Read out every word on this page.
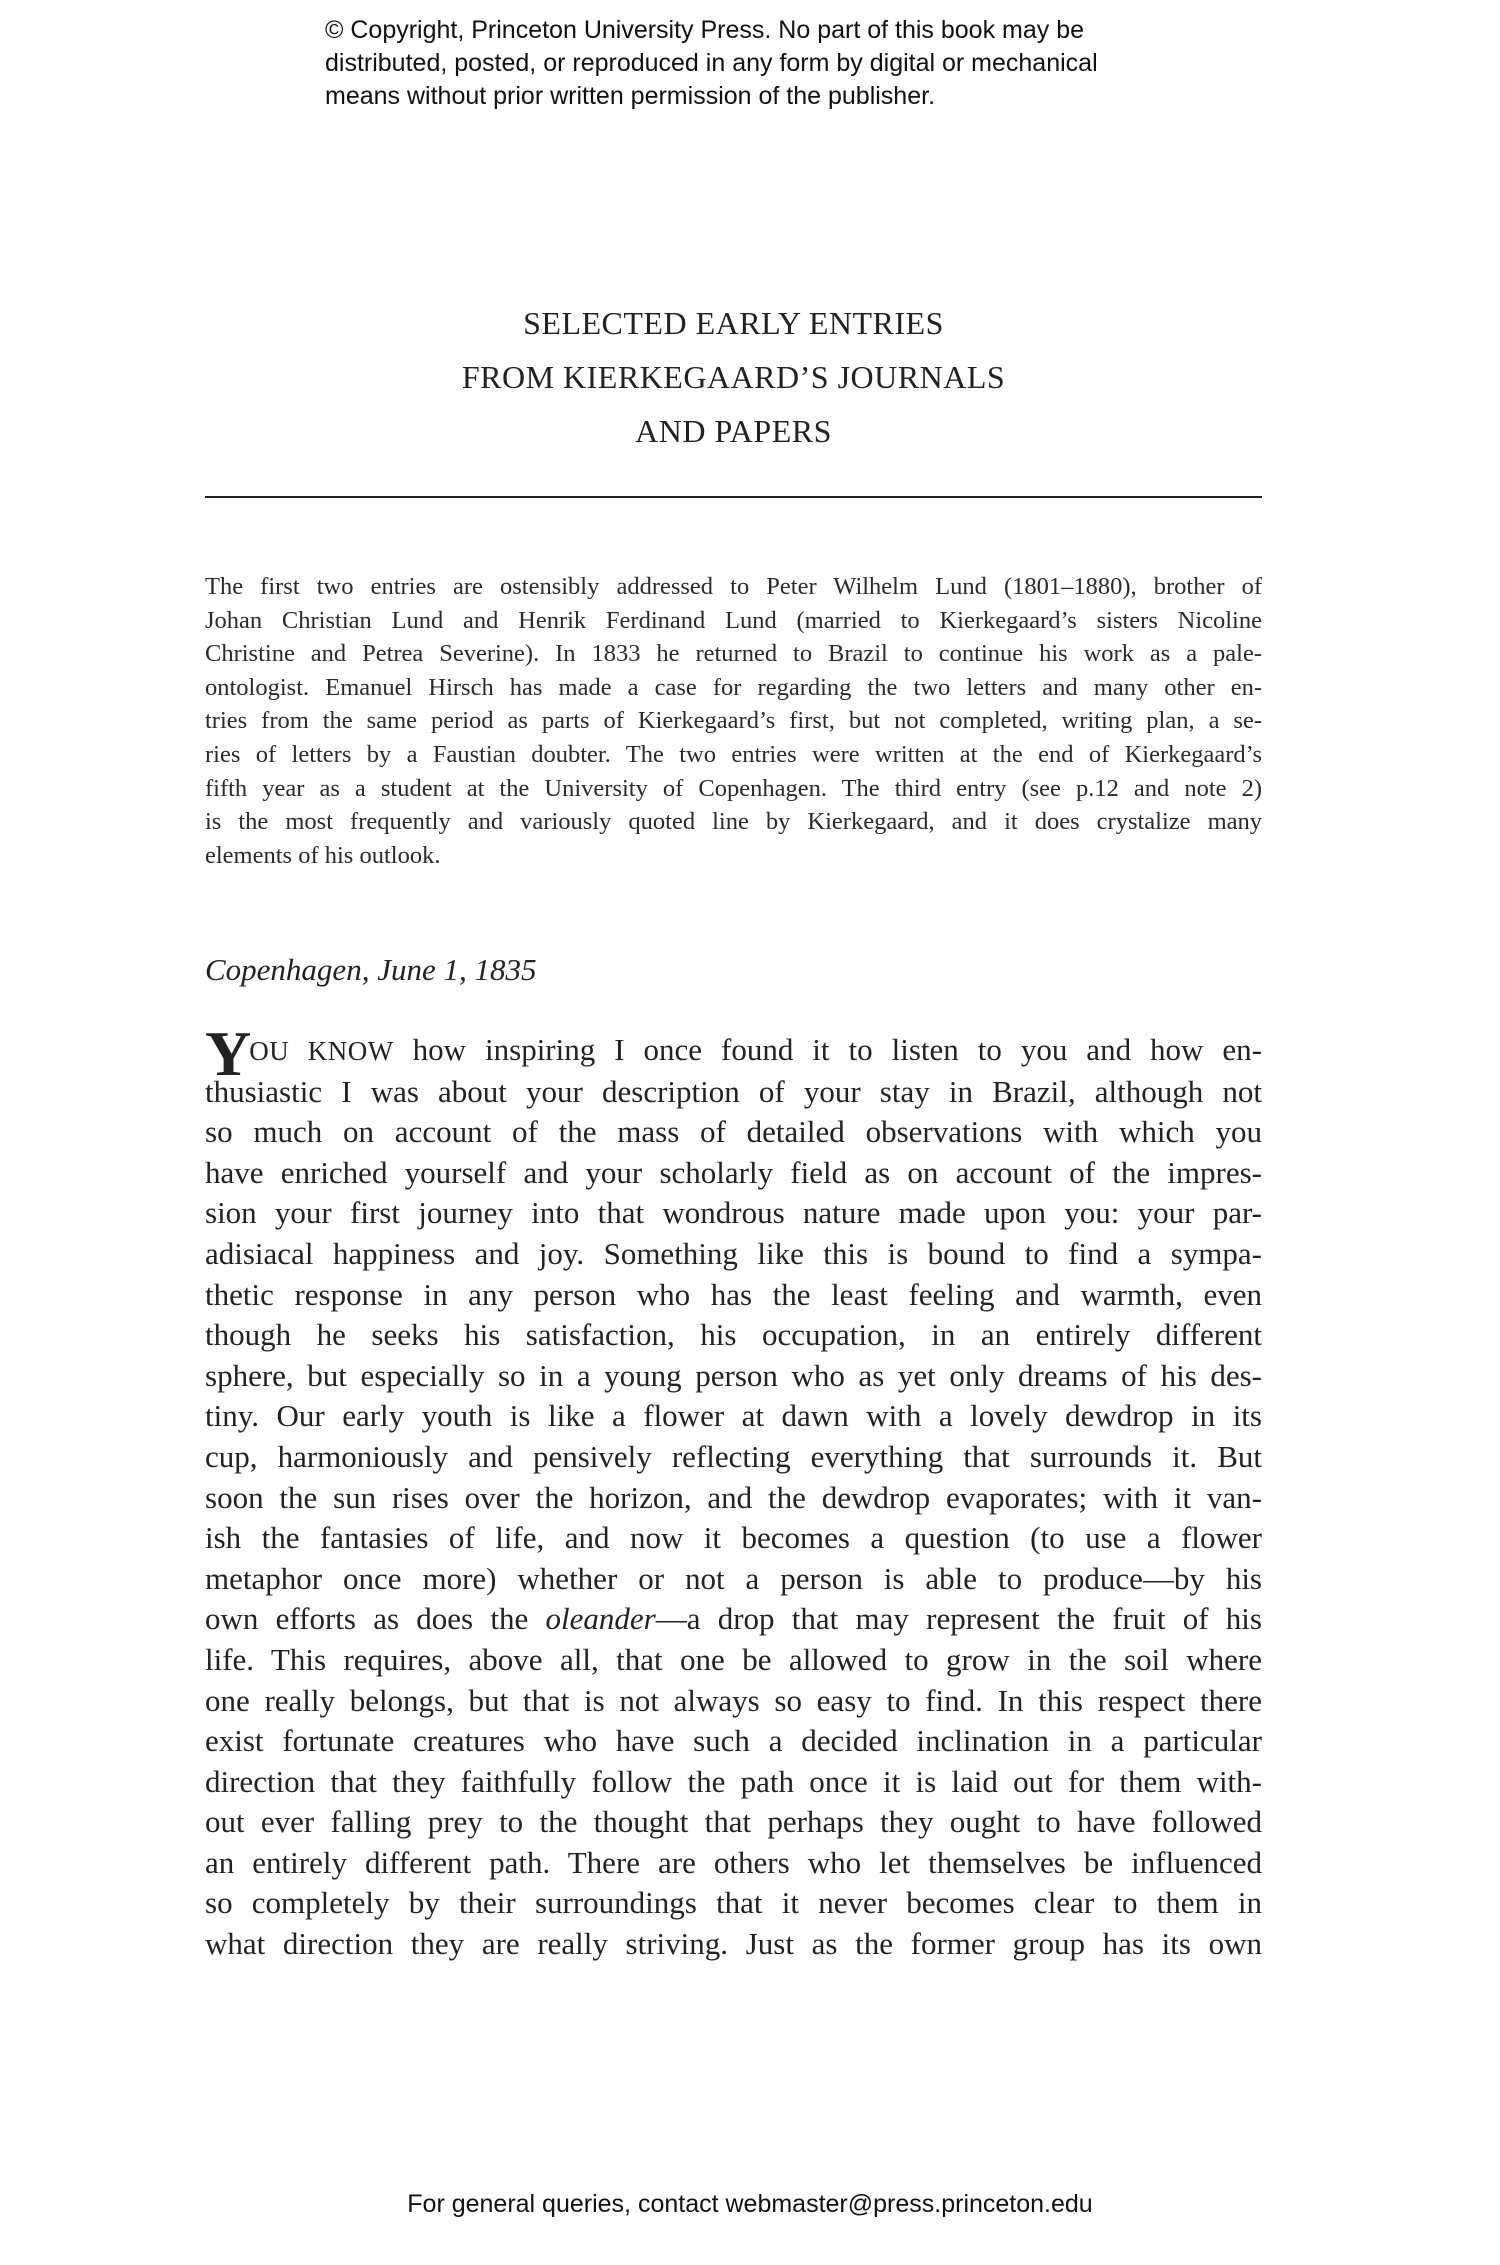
© Copyright, Princeton University Press. No part of this book may be
distributed, posted, or reproduced in any form by digital or mechanical
means without prior written permission of the publisher.
SELECTED EARLY ENTRIES
FROM KIERKEGAARD’S JOURNALS
AND PAPERS
The first two entries are ostensibly addressed to Peter Wilhelm Lund (1801–1880), brother of
Johan Christian Lund and Henrik Ferdinand Lund (married to Kierkegaard’s sisters Nicoline
Christine and Petrea Severine). In 1833 he returned to Brazil to continue his work as a pale-
ontologist. Emanuel Hirsch has made a case for regarding the two letters and many other en-
tries from the same period as parts of Kierkegaard’s first, but not completed, writing plan, a se-
ries of letters by a Faustian doubter. The two entries were written at the end of Kierkegaard’s
fifth year as a student at the University of Copenhagen. The third entry (see p.12 and note 2)
is the most frequently and variously quoted line by Kierkegaard, and it does crystalize many
elements of his outlook.
Copenhagen, June 1, 1835
YOU KNOW how inspiring I once found it to listen to you and how en-
thusiastic I was about your description of your stay in Brazil, although not
so much on account of the mass of detailed observations with which you
have enriched yourself and your scholarly field as on account of the impres-
sion your first journey into that wondrous nature made upon you: your par-
adisiacal happiness and joy. Something like this is bound to find a sympa-
thetic response in any person who has the least feeling and warmth, even
though he seeks his satisfaction, his occupation, in an entirely different
sphere, but especially so in a young person who as yet only dreams of his des-
tiny. Our early youth is like a flower at dawn with a lovely dewdrop in its
cup, harmoniously and pensively reflecting everything that surrounds it. But
soon the sun rises over the horizon, and the dewdrop evaporates; with it van-
ish the fantasies of life, and now it becomes a question (to use a flower
metaphor once more) whether or not a person is able to produce—by his
own efforts as does the oleander—a drop that may represent the fruit of his
life. This requires, above all, that one be allowed to grow in the soil where
one really belongs, but that is not always so easy to find. In this respect there
exist fortunate creatures who have such a decided inclination in a particular
direction that they faithfully follow the path once it is laid out for them with-
out ever falling prey to the thought that perhaps they ought to have followed
an entirely different path. There are others who let themselves be influenced
so completely by their surroundings that it never becomes clear to them in
what direction they are really striving. Just as the former group has its own
For general queries, contact webmaster@press.princeton.edu
